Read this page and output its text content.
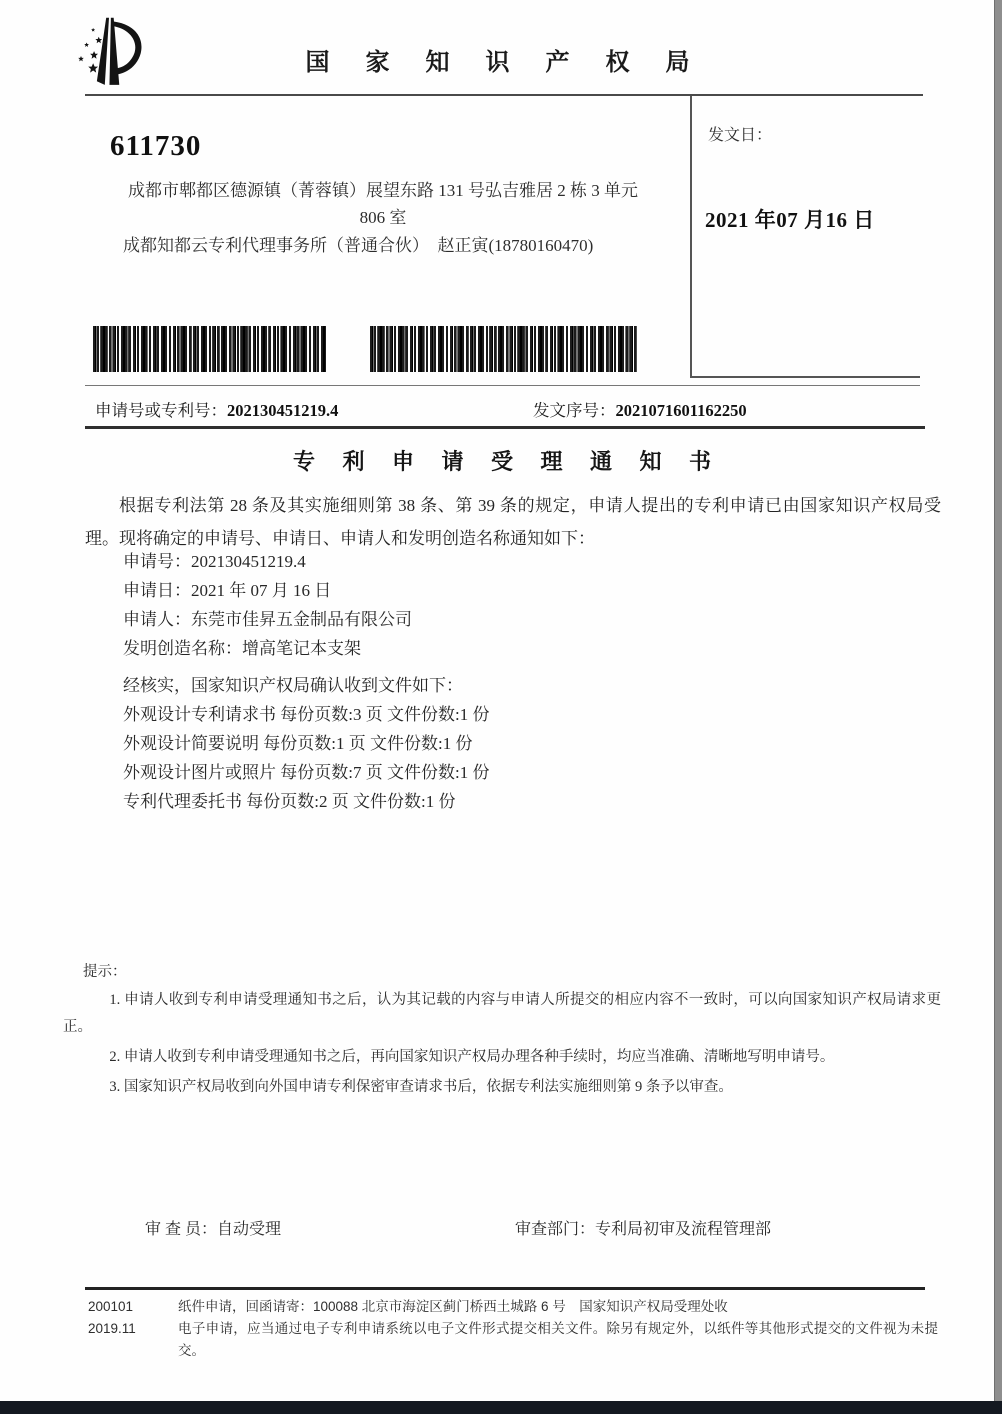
国 家 知 识 产 权 局
发文日：
2021 年07 月16 日
611730
成都市郫都区德源镇（菁蓉镇）展望东路 131 号弘吉雅居 2 栋 3 单元
806 室
成都知都云专利代理事务所（普通合伙）　赵正寅(18780160470)
申请号或专利号：202130451219.4	发文序号：2021071601162250
专 利 申 请 受 理 通 知 书
根据专利法第 28 条及其实施细则第 38 条、第 39 条的规定，申请人提出的专利申请已由国家知识产权局受理。现将确定的申请号、申请日、申请人和发明创造名称通知如下：
申请号：202130451219.4
申请日：2021 年 07 月 16 日
申请人：东莞市佳昇五金制品有限公司
发明创造名称：增高笔记本支架
经核实，国家知识产权局确认收到文件如下：
外观设计专利请求书 每份页数:3 页 文件份数:1 份
外观设计简要说明 每份页数:1 页 文件份数:1 份
外观设计图片或照片 每份页数:7 页 文件份数:1 份
专利代理委托书 每份页数:2 页 文件份数:1 份
提示：
1. 申请人收到专利申请受理通知书之后，认为其记载的内容与申请人所提交的相应内容不一致时，可以向国家知识产权局请求更正。
2. 申请人收到专利申请受理通知书之后，再向国家知识产权局办理各种手续时，均应当准确、清晰地写明申请号。
3. 国家知识产权局收到向外国申请专利保密审查请求书后，依据专利法实施细则第 9 条予以审查。
审 查 员：自动受理	审查部门：专利局初审及流程管理部
200101
2019.11
纸件申请，回函请寄：100088 北京市海淀区蓟门桥西土城路 6 号　国家知识产权局受理处收
电子申请，应当通过电子专利申请系统以电子文件形式提交相关文件。除另有规定外，以纸件等其他形式提交的文件视为未提交。
